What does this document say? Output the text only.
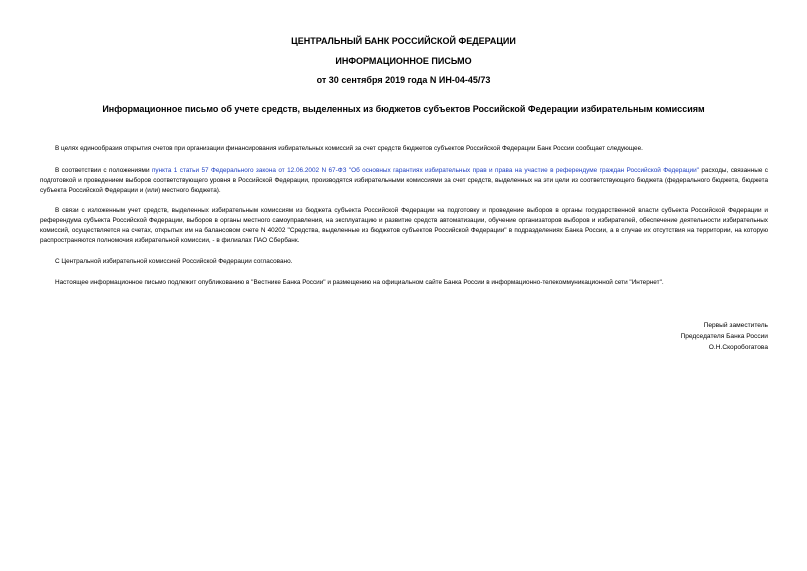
ЦЕНТРАЛЬНЫЙ БАНК РОССИЙСКОЙ ФЕДЕРАЦИИ
ИНФОРМАЦИОННОЕ ПИСЬМО
от 30 сентября 2019 года N ИН-04-45/73
Информационное письмо об учете средств, выделенных из бюджетов субъектов Российской Федерации избирательным комиссиям
В целях единообразия открытия счетов при организации финансирования избирательных комиссий за счет средств бюджетов субъектов Российской Федерации Банк России сообщает следующее.
В соответствии с положениями пункта 1 статьи 57 Федерального закона от 12.06.2002 N 67-ФЗ "Об основных гарантиях избирательных прав и права на участие в референдуме граждан Российской Федерации" расходы, связанные с подготовкой и проведением выборов соответствующего уровня в Российской Федерации, производятся избирательными комиссиями за счет средств, выделенных на эти цели из соответствующего бюджета (федерального бюджета, бюджета субъекта Российской Федерации и (или) местного бюджета).
В связи с изложенным учет средств, выделенных избирательным комиссиям из бюджета субъекта Российской Федерации на подготовку и проведение выборов в органы государственной власти субъекта Российской Федерации и референдума субъекта Российской Федерации, выборов в органы местного самоуправления, на эксплуатацию и развитие средств автоматизации, обучение организаторов выборов и избирателей, обеспечение деятельности избирательных комиссий, осуществляется на счетах, открытых им на балансовом счете N 40202 "Средства, выделенные из бюджетов субъектов Российской Федерации" в подразделениях Банка России, а в случае их отсутствия на территории, на которую распространяются полномочия избирательной комиссии, - в филиалах ПАО Сбербанк.
С Центральной избирательной комиссией Российской Федерации согласовано.
Настоящее информационное письмо подлежит опубликованию в "Вестнике Банка России" и размещению на официальном сайте Банка России в информационно-телекоммуникационной сети "Интернет".
Первый заместитель
Председателя Банка России
О.Н.Скоробогатова
